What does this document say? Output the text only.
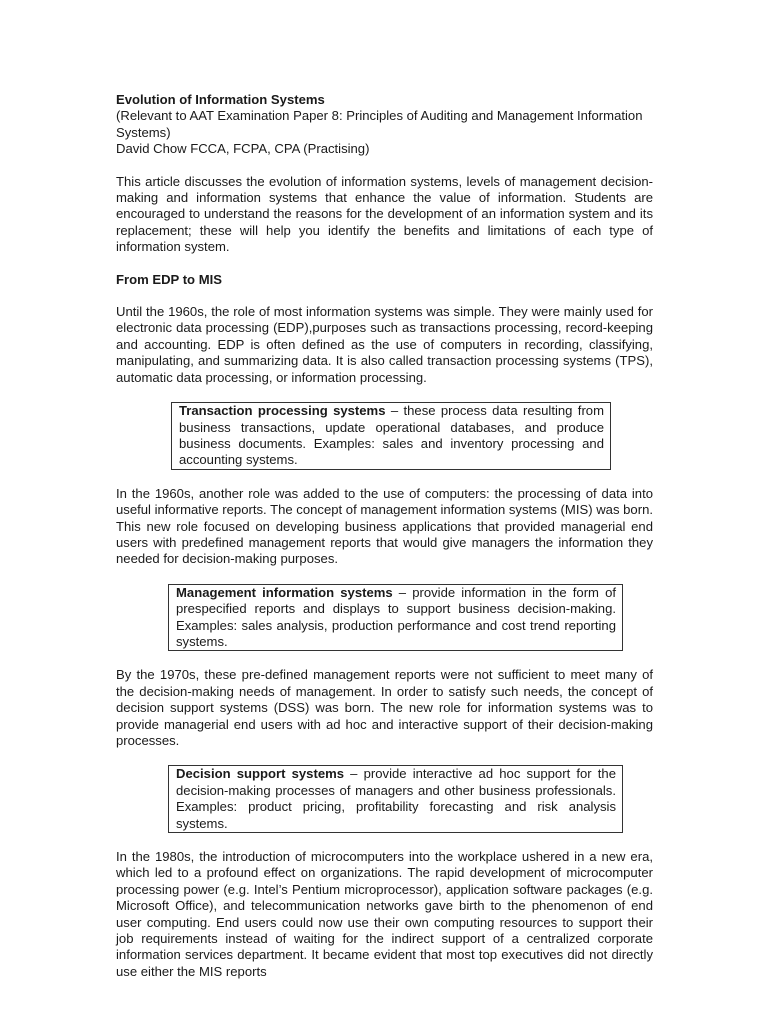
Evolution of Information Systems

(Relevant to AAT Examination Paper 8: Principles of Auditing and Management Information Systems)

David Chow FCCA, FCPA, CPA (Practising)

This article discusses the evolution of information systems, levels of management decision-making and information systems that enhance the value of information. Students are encouraged to understand the reasons for the development of an information system and its replacement; these will help you identify the benefits and limitations of each type of information system.

From EDP to MIS

Until the 1960s, the role of most information systems was simple. They were mainly used for electronic data processing (EDP),purposes such as transactions processing, record-keeping and accounting. EDP is often defined as the use of computers in recording, classifying, manipulating, and summarizing data. It is also called transaction processing systems (TPS), automatic data processing, or information processing.

Transaction processing systems – these process data resulting from business transactions, update operational databases, and produce business documents. Examples: sales and inventory processing and accounting systems.

In the 1960s, another role was added to the use of computers: the processing of data into useful informative reports. The concept of management information systems (MIS) was born. This new role focused on developing business applications that provided managerial end users with predefined management reports that would give managers the information they needed for decision-making purposes.

Management information systems – provide information in the form of prespecified reports and displays to support business decision-making. Examples: sales analysis, production performance and cost trend reporting systems.

By the 1970s, these pre-defined management reports were not sufficient to meet many of the decision-making needs of management. In order to satisfy such needs, the concept of decision support systems (DSS) was born. The new role for information systems was to provide managerial end users with ad hoc and interactive support of their decision-making processes.

Decision support systems – provide interactive ad hoc support for the decision-making processes of managers and other business professionals. Examples: product pricing, profitability forecasting and risk analysis systems.

In the 1980s, the introduction of microcomputers into the workplace ushered in a new era, which led to a profound effect on organizations. The rapid development of microcomputer processing power (e.g. Intel’s Pentium microprocessor), application software packages (e.g. Microsoft Office), and telecommunication networks gave birth to the phenomenon of end user computing. End users could now use their own computing resources to support their job requirements instead of waiting for the indirect support of a centralized corporate information services department. It became evident that most top executives did not directly use either the MIS reports
